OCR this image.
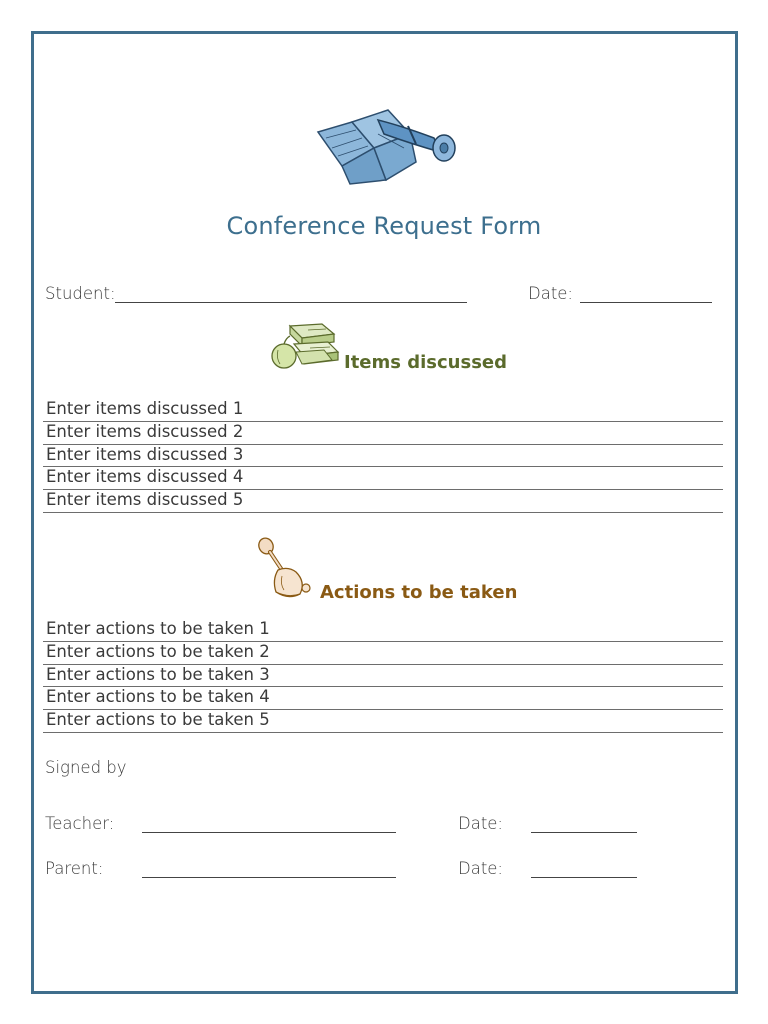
Conference Request Form
Student:	Date:
Items discussed
Enter items discussed 1
Enter items discussed 2
Enter items discussed 3
Enter items discussed 4
Enter items discussed 5
Actions to be taken
Enter actions to be taken 1
Enter actions to be taken 2
Enter actions to be taken 3
Enter actions to be taken 4
Enter actions to be taken 5
Signed by
Teacher:	Date:
Parent:	Date:
